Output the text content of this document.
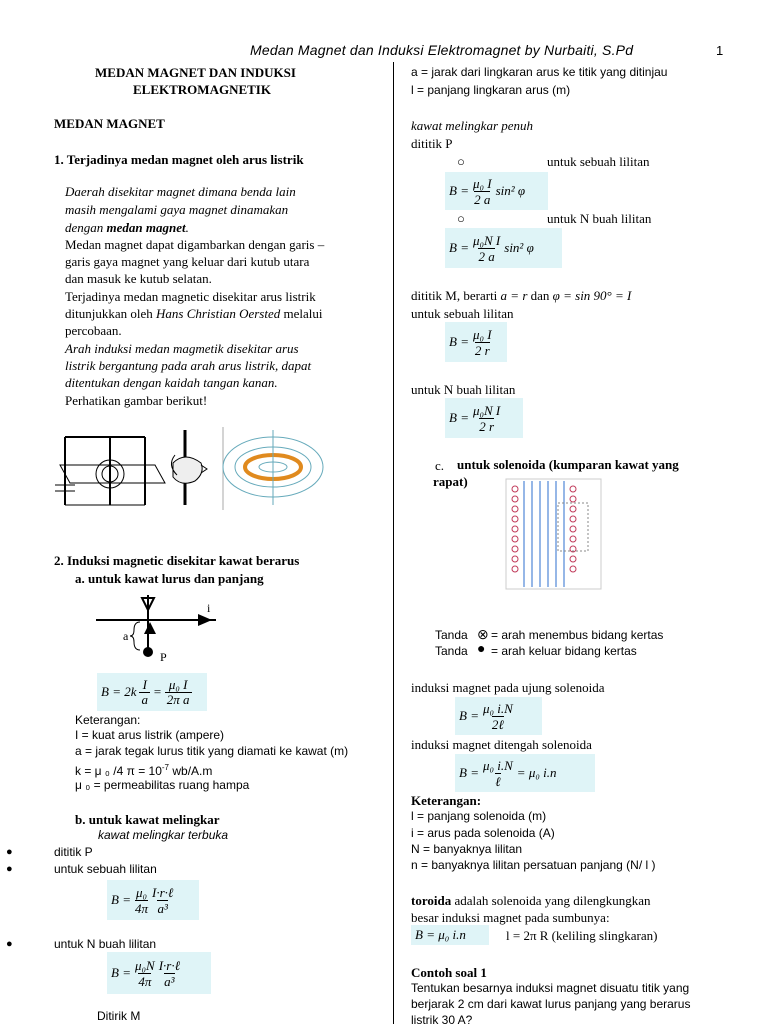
Medan Magnet dan Induksi Elektromagnet by Nurbaiti, S.Pd	1
MEDAN MAGNET DAN INDUKSI
ELEKTROMAGNETIK
MEDAN MAGNET
1. Terjadinya medan magnet oleh arus listrik
Daerah disekitar magnet dimana benda lain
masih mengalami gaya magnet dinamakan
dengan medan magnet.
Medan magnet dapat digambarkan dengan garis –
garis gaya magnet yang keluar dari kutub utara
dan masuk ke kutub selatan.
Terjadinya medan magnetic disekitar arus listrik
ditunjukkan oleh Hans Christian Oersted melalui
percobaan.
Arah induksi medan magmetik disekitar arus
listrik bergantung pada arah arus listrik, dapat
ditentukan dengan kaidah tangan kanan.
Perhatikan gambar berikut!
2. Induksi magnetic disekitar kawat berarus
a. untuk kawat lurus dan panjang
i
a
P
$B = 2k \frac{I}{a} = \frac{\text{μ₀ I}}{\text{2π a}}$
Keterangan:
I = kuat arus listrik (ampere)
a = jarak tegak lurus titik yang diamati ke kawat (m)
k = μ ₀ /4 $\pi = 10^{-7}$ wb/A.m
μ ₀ = permeabilitas ruang hampa
b. untuk kawat melingkar
kawat melingkar terbuka
●	dititik P
●	untuk sebuah lilitan
$B = \frac{\text{μ₀}}{4\pi}$ I·r·ℓ
a³
●	untuk N buah lilitan
$B = \frac{\text{μ₀N}}{4\pi}$ I·r·ℓ
a³
Ditirik M
a = jarak dari lingkaran arus ke titik yang ditinjau
l = panjang lingkaran arus (m)
kawat melingkar penuh
dititik P
○	untuk sebuah lilitan
$B = \frac{\text{μ₀ I}}{2 a} \sin^2$ φ
○	untuk N buah lilitan
$B = \frac{\text{μ₀N I}}{2 a} \sin^2$ φ
dititik M, berarti a = r dan φ = sin 90° = I
untuk sebuah lilitan
$B = \frac{\text{μ₀ I}}{2 r}$
untuk N buah lilitan
$B = \frac{\text{μ₀N I}}{2 r}$
c. untuk solenoida (kumparan kawat yang
rapat)
Tanda ⊗ = arah menembus bidang kertas
Tanda ● = arah keluar bidang kertas
induksi magnet pada ujung solenoida
B = μ₀ i.N
2ℓ
induksi magnet ditengah solenoida
B = μ₀ i.N
ℓ
= μ₀ i.n
Keterangan:
l = panjang solenoida (m)
i = arus pada solenoida (A)
N = banyaknya lilitan
n = banyaknya lilitan persatuan panjang (N/ l )
toroida adalah solenoida yang dilengkungkan
besar induksi magnet pada sumbunya:
B = μ₀ i.n	l = 2π R (keliling slingkaran)
Contoh soal 1
Tentukan besarnya induksi magnet disuatu titik yang
berjarak 2 cm dari kawat lurus panjang yang berarus
listrik 30 A?
